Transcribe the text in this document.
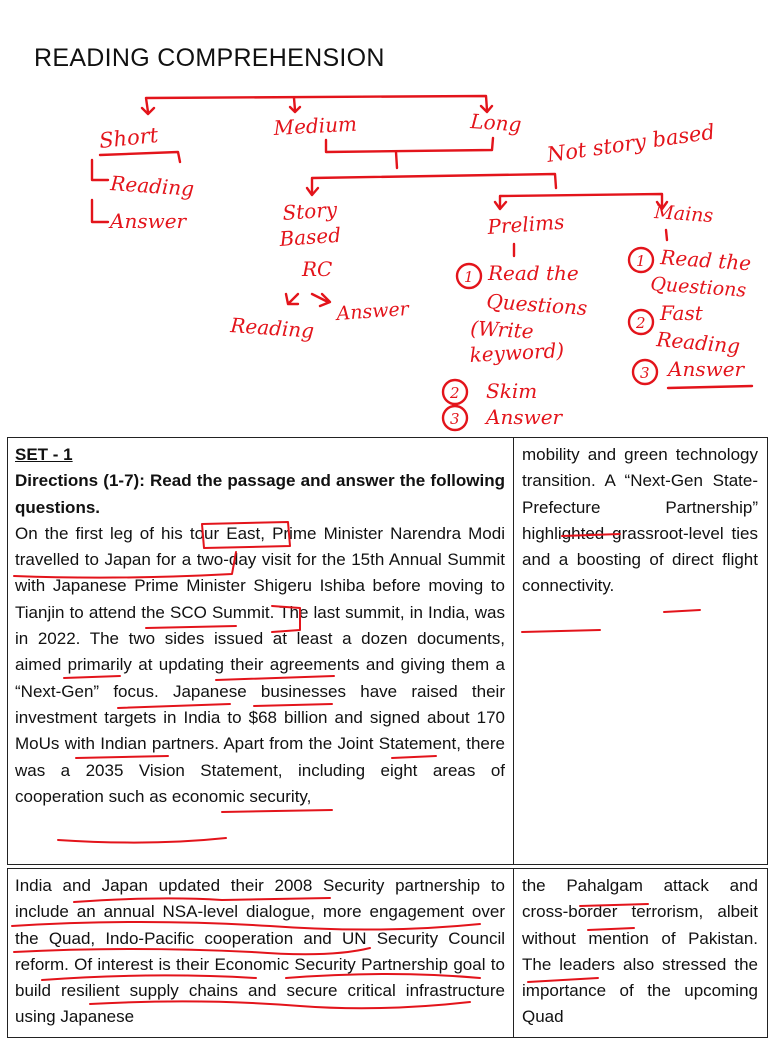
READING COMPREHENSION
Short	Medium	Long Not story based
Reading
Answer	Story
Based
RC
Reading
Answer
Prelims	Mains
1 Read the
Questions
(Write
keyword)
2 Skim
3 Answer
1 Read the
Questions
2 Fast
Reading
3 Answer
SET - 1
Directions (1-7): Read the passage and answer the following questions.
On the first leg of his tour East, Prime Minister Narendra Modi travelled to Japan for a two-day visit for the 15th Annual Summit with Japanese Prime Minister Shigeru Ishiba before moving to Tianjin to attend the SCO Summit. The last summit, in India, was in 2022. The two sides issued at least a dozen documents, aimed primarily at updating their agreements and giving them a “Next-Gen” focus. Japanese businesses have raised their investment targets in India to $68 billion and signed about 170 MoUs with Indian partners. Apart from the Joint Statement, there was a 2035 Vision Statement, including eight areas of cooperation such as economic security,	mobility and green technology transition. A “Next-Gen State-Prefecture Partnership” highlighted grassroot-level ties and a boosting of direct flight connectivity.
India and Japan updated their 2008 Security partnership to include an annual NSA-level dialogue, more engagement over the Quad, Indo-Pacific cooperation and UN Security Council reform. Of interest is their Economic Security Partnership goal to build resilient supply chains and secure critical infrastructure using Japanese	the Pahalgam attack and cross-border terrorism, albeit without mention of Pakistan. The leaders also stressed the importance of the upcoming Quad
